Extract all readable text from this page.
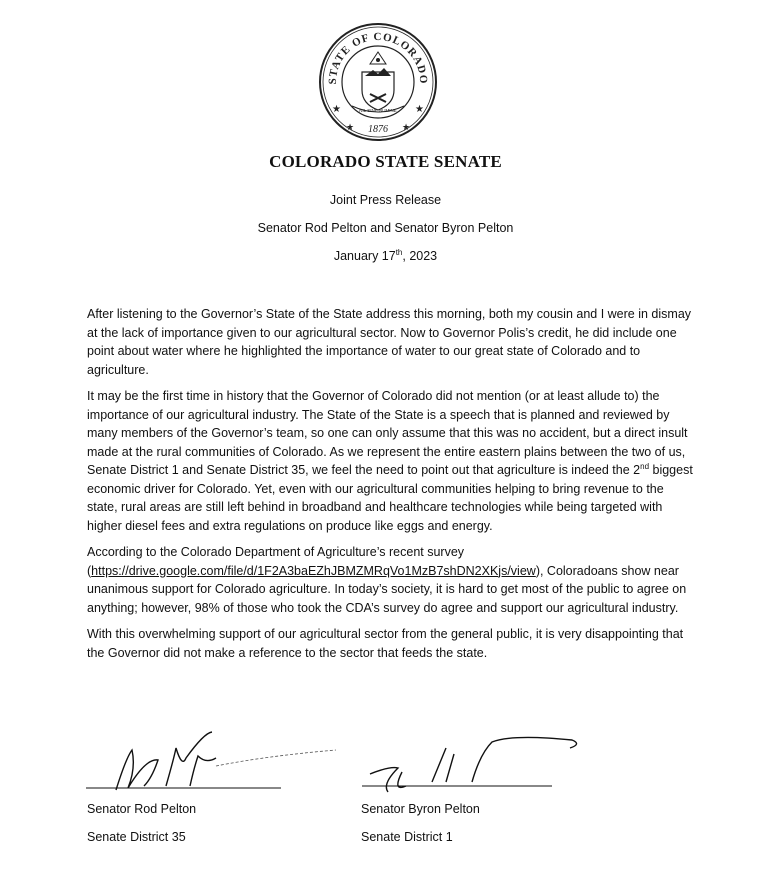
STATE OF COLORADO
NIL SINE NUMINE
1876
★	★
★	★
COLORADO STATE SENATE
Joint Press Release
Senator Rod Pelton and Senator Byron Pelton
January 17th, 2023

After listening to the Governor’s State of the State address this morning, both my cousin and I were in dismay at the lack of importance given to our agricultural sector. Now to Governor Polis’s credit, he did include one point about water where he highlighted the importance of water to our great state of Colorado and to agriculture.

It may be the first time in history that the Governor of Colorado did not mention (or at least allude to) the importance of our agricultural industry. The State of the State is a speech that is planned and reviewed by many members of the Governor’s team, so one can only assume that this was no accident, but a direct insult made at the rural communities of Colorado. As we represent the entire eastern plains between the two of us, Senate District 1 and Senate District 35, we feel the need to point out that agriculture is indeed the 2nd biggest economic driver for Colorado. Yet, even with our agricultural communities helping to bring revenue to the state, rural areas are still left behind in broadband and healthcare technologies while being targeted with higher diesel fees and extra regulations on produce like eggs and energy.

According to the Colorado Department of Agriculture’s recent survey (https://drive.google.com/file/d/1F2A3baEZhJBMZMRqVo1MzB7shDN2XKjs/view), Coloradoans show near unanimous support for Colorado agriculture. In today’s society, it is hard to get most of the public to agree on anything; however, 98% of those who took the CDA’s survey do agree and support our agricultural industry.

With this overwhelming support of our agricultural sector from the general public, it is very disappointing that the Governor did not make a reference to the sector that feeds the state.

Senator Rod Pelton	Senator Byron Pelton
Senate District 35	Senate District 1
